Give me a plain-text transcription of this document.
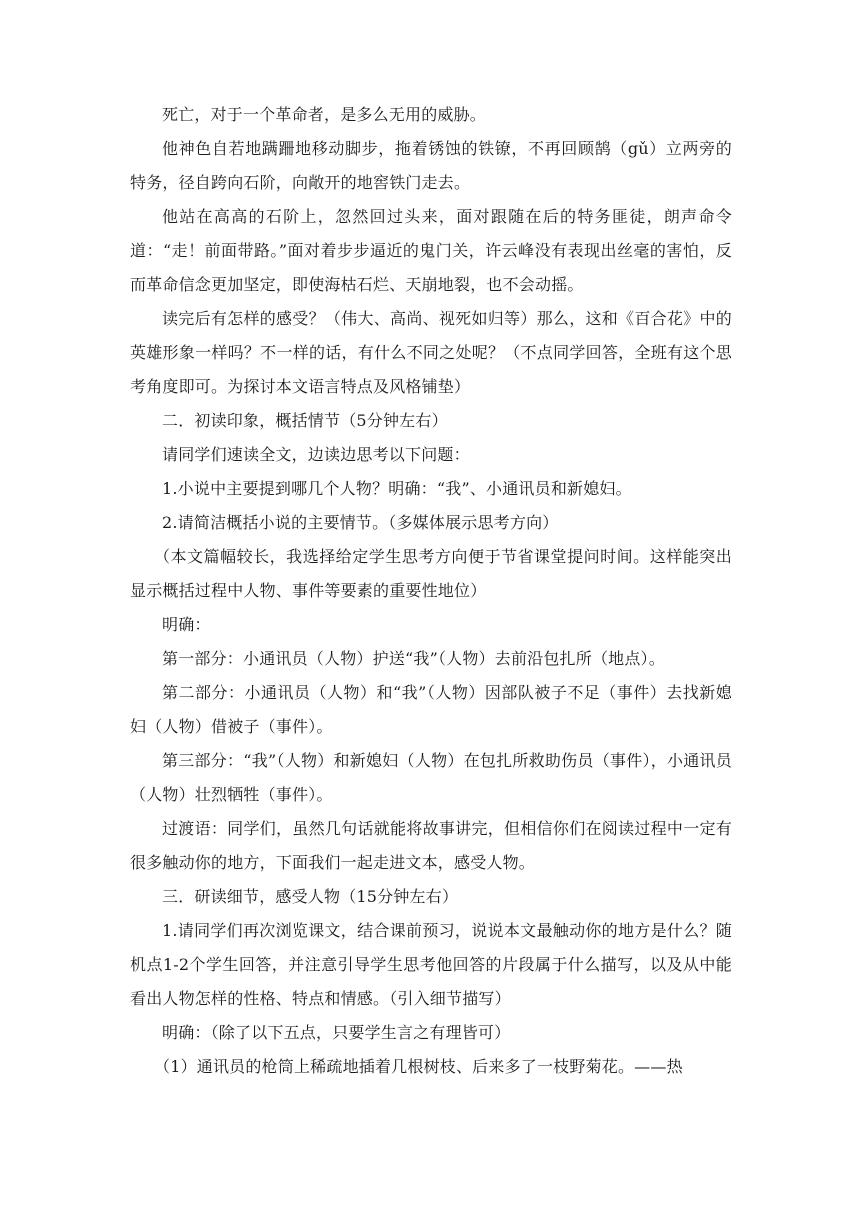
死亡，对于一个革命者，是多么无用的威胁。

他神色自若地蹒跚地移动脚步，拖着锈蚀的铁镣，不再回顾鹄（gǔ）立两旁的特务，径自跨向石阶，向敞开的地窖铁门走去。

他站在高高的石阶上，忽然回过头来，面对跟随在后的特务匪徒，朗声命令道：“走！前面带路。”面对着步步逼近的鬼门关，许云峰没有表现出丝毫的害怕，反而革命信念更加坚定，即使海枯石烂、天崩地裂，也不会动摇。

读完后有怎样的感受？（伟大、高尚、视死如归等）那么，这和《百合花》中的英雄形象一样吗？不一样的话，有什么不同之处呢？（不点同学回答，全班有这个思考角度即可。为探讨本文语言特点及风格铺垫）

二．初读印象，概括情节（5分钟左右）

请同学们速读全文，边读边思考以下问题：

1.小说中主要提到哪几个人物？明确：“我”、小通讯员和新媳妇。

2.请简洁概括小说的主要情节。（多媒体展示思考方向）

（本文篇幅较长，我选择给定学生思考方向便于节省课堂提问时间。这样能突出显示概括过程中人物、事件等要素的重要性地位）

明确：

第一部分：小通讯员（人物）护送“我”（人物）去前沿包扎所（地点）。

第二部分：小通讯员（人物）和“我”（人物）因部队被子不足（事件）去找新媳妇（人物）借被子（事件）。

第三部分：“我”（人物）和新媳妇（人物）在包扎所救助伤员（事件），小通讯员（人物）壮烈牺牲（事件）。

过渡语：同学们，虽然几句话就能将故事讲完，但相信你们在阅读过程中一定有很多触动你的地方，下面我们一起走进文本，感受人物。

三．研读细节，感受人物（15分钟左右）

1.请同学们再次浏览课文，结合课前预习，说说本文最触动你的地方是什么？随机点1-2个学生回答，并注意引导学生思考他回答的片段属于什么描写，以及从中能看出人物怎样的性格、特点和情感。（引入细节描写）

明确：（除了以下五点，只要学生言之有理皆可）

（1）通讯员的枪筒上稀疏地插着几根树枝、后来多了一枝野菊花。——热
